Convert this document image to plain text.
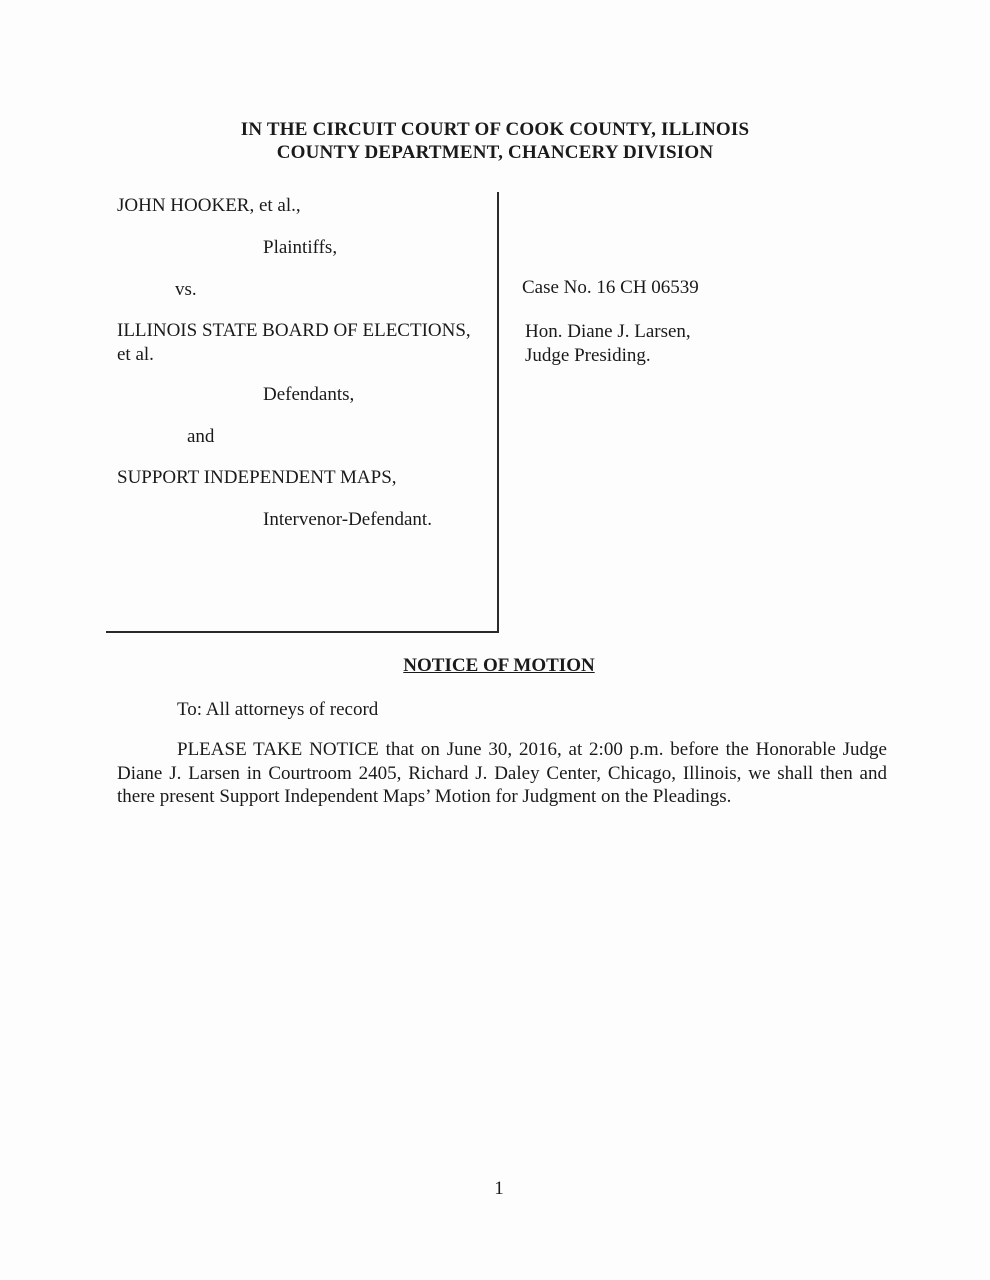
IN THE CIRCUIT COURT OF COOK COUNTY, ILLINOIS
COUNTY DEPARTMENT, CHANCERY DIVISION
JOHN HOOKER, et al.,
Plaintiffs,
vs.
ILLINOIS STATE BOARD OF ELECTIONS,
et al.
Defendants,
and
SUPPORT INDEPENDENT MAPS,
Intervenor-Defendant.
Case No. 16 CH 06539
Hon. Diane J. Larsen,
Judge Presiding.
NOTICE OF MOTION
To: All attorneys of record
PLEASE TAKE NOTICE that on June 30, 2016, at 2:00 p.m. before the Honorable Judge Diane J. Larsen in Courtroom 2405, Richard J. Daley Center, Chicago, Illinois, we shall then and there present Support Independent Maps’ Motion for Judgment on the Pleadings.
1
